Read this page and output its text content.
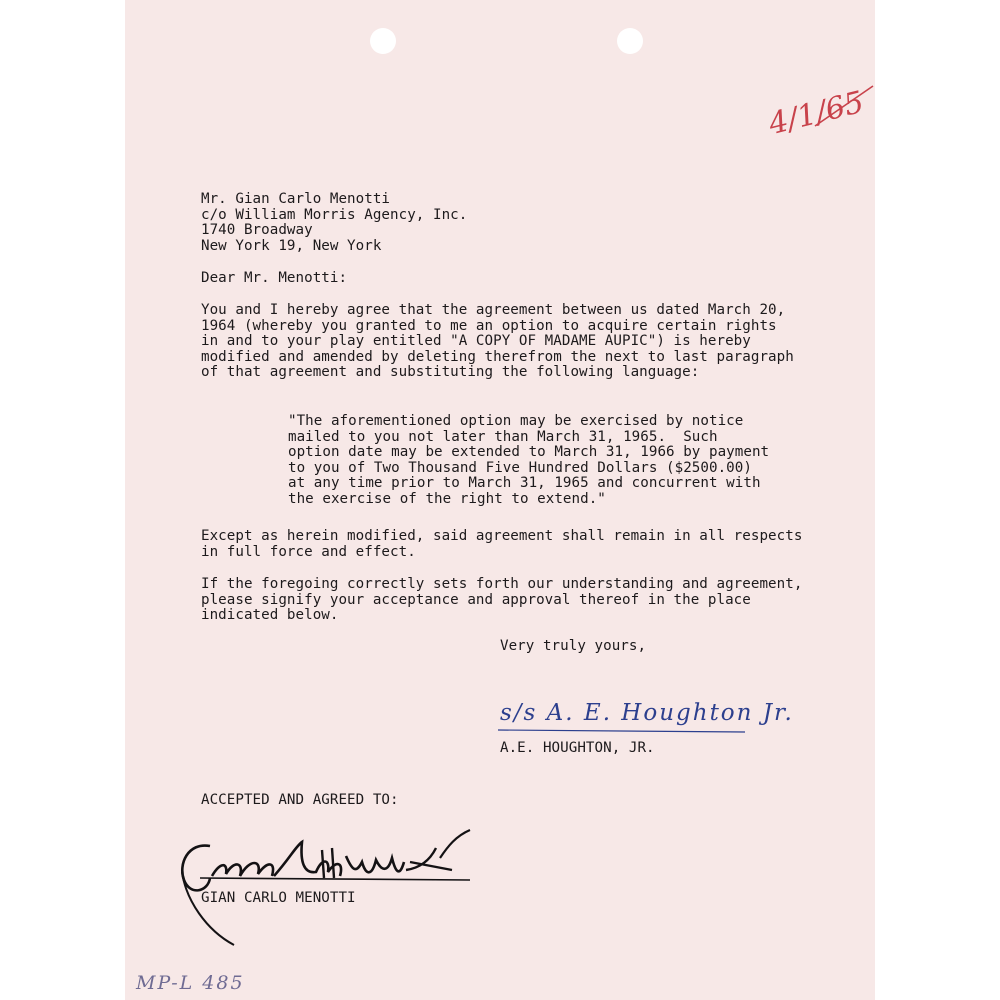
4/1/65
Mr. Gian Carlo Menotti
c/o William Morris Agency, Inc.
1740 Broadway
New York 19, New York
Dear Mr. Menotti:
You and I hereby agree that the agreement between us dated March 20,
1964 (whereby you granted to me an option to acquire certain rights
in and to your play entitled "A COPY OF MADAME AUPIC") is hereby
modified and amended by deleting therefrom the next to last paragraph
of that agreement and substituting the following language:
"The aforementioned option may be exercised by notice
mailed to you not later than March 31, 1965.  Such
option date may be extended to March 31, 1966 by payment
to you of Two Thousand Five Hundred Dollars ($2500.00)
at any time prior to March 31, 1965 and concurrent with
the exercise of the right to extend."
Except as herein modified, said agreement shall remain in all respects
in full force and effect.
If the foregoing correctly sets forth our understanding and agreement,
please signify your acceptance and approval thereof in the place
indicated below.
Very truly yours,
s/s A. E. Houghton Jr.
A.E. HOUGHTON, JR.
ACCEPTED AND AGREED TO:
GIAN CARLO MENOTTI
MP-L 485
